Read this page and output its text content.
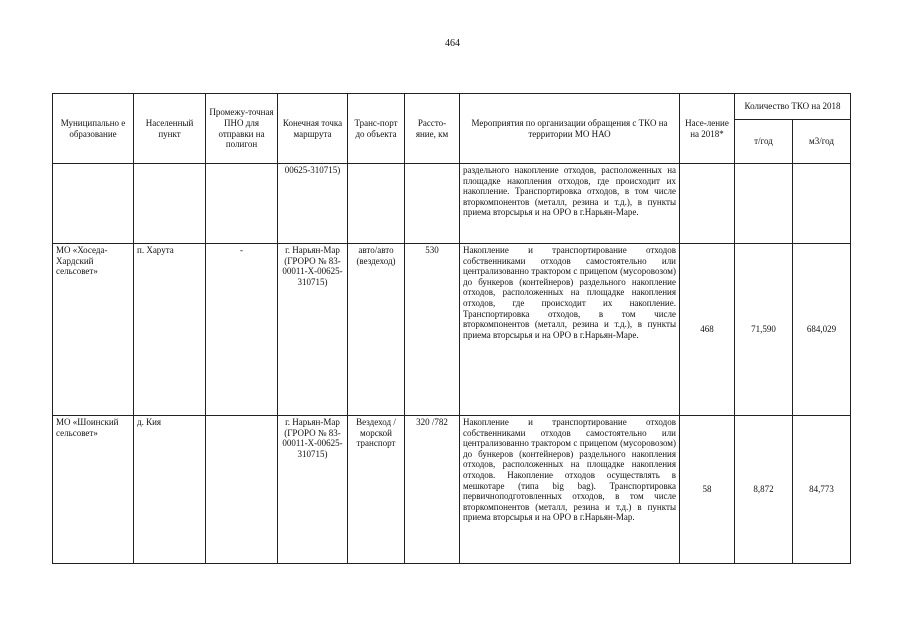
464
Муниципально е образование	Населенный пункт	Промежу-точная ПНО для отправки на полигон	Конечная точка маршрута	Транс-порт до объекта	Рассто-яние, км	Мероприятия по организации обращения с ТКО на территории МО НАО	Насе-ление на 2018*	Количество ТКО на 2018	
								т/год	м3/год
			00625-310715)			раздельного накопление отходов, расположенных на площадке накопления отходов, где происходит их накопление. Транспортировка отходов, в том числе вторкомпонентов (металл, резина и т.д.), в пункты приема вторсырья и на ОРО в г.Нарьян-Маре.			
МО «Хоседа-Хардский сельсовет»	п. Харута	-	г. Нарьян-Мар (ГРОРО № 83-00011-Х-00625-310715)	авто/авто (вездеход)	530	Накопление и транспортирование отходов собственниками отходов самостоятельно или централизованно трактором с прицепом (мусоровозом) до бункеров (контейнеров) раздельного накопление отходов, расположенных на площадке накопления отходов, где происходит их накопление. Транспортировка отходов, в том числе вторкомпонентов (металл, резина и т.д.), в пункты приема вторсырья и на ОРО в г.Нарьян-Маре.	468	71,590	684,029
МО «Шоинский сельсовет»	д. Кия		г. Нарьян-Мар (ГРОРО № 83-00011-Х-00625-310715)	Вездеход / морской транспорт	320 /782	Накопление и транспортирование отходов собственниками отходов самостоятельно или централизованно трактором с прицепом (мусоровозом) до бункеров (контейнеров) раздельного накопления отходов, расположенных на площадке накопления отходов. Накопление отходов осуществлять в мешкотаре (типа big bag). Транспортировка первичноподготовленных отходов, в том числе вторкомпонентов (металл, резина и т.д.) в пункты приема вторсырья и на ОРО в г.Нарьян-Мар.	58	8,872	84,773
